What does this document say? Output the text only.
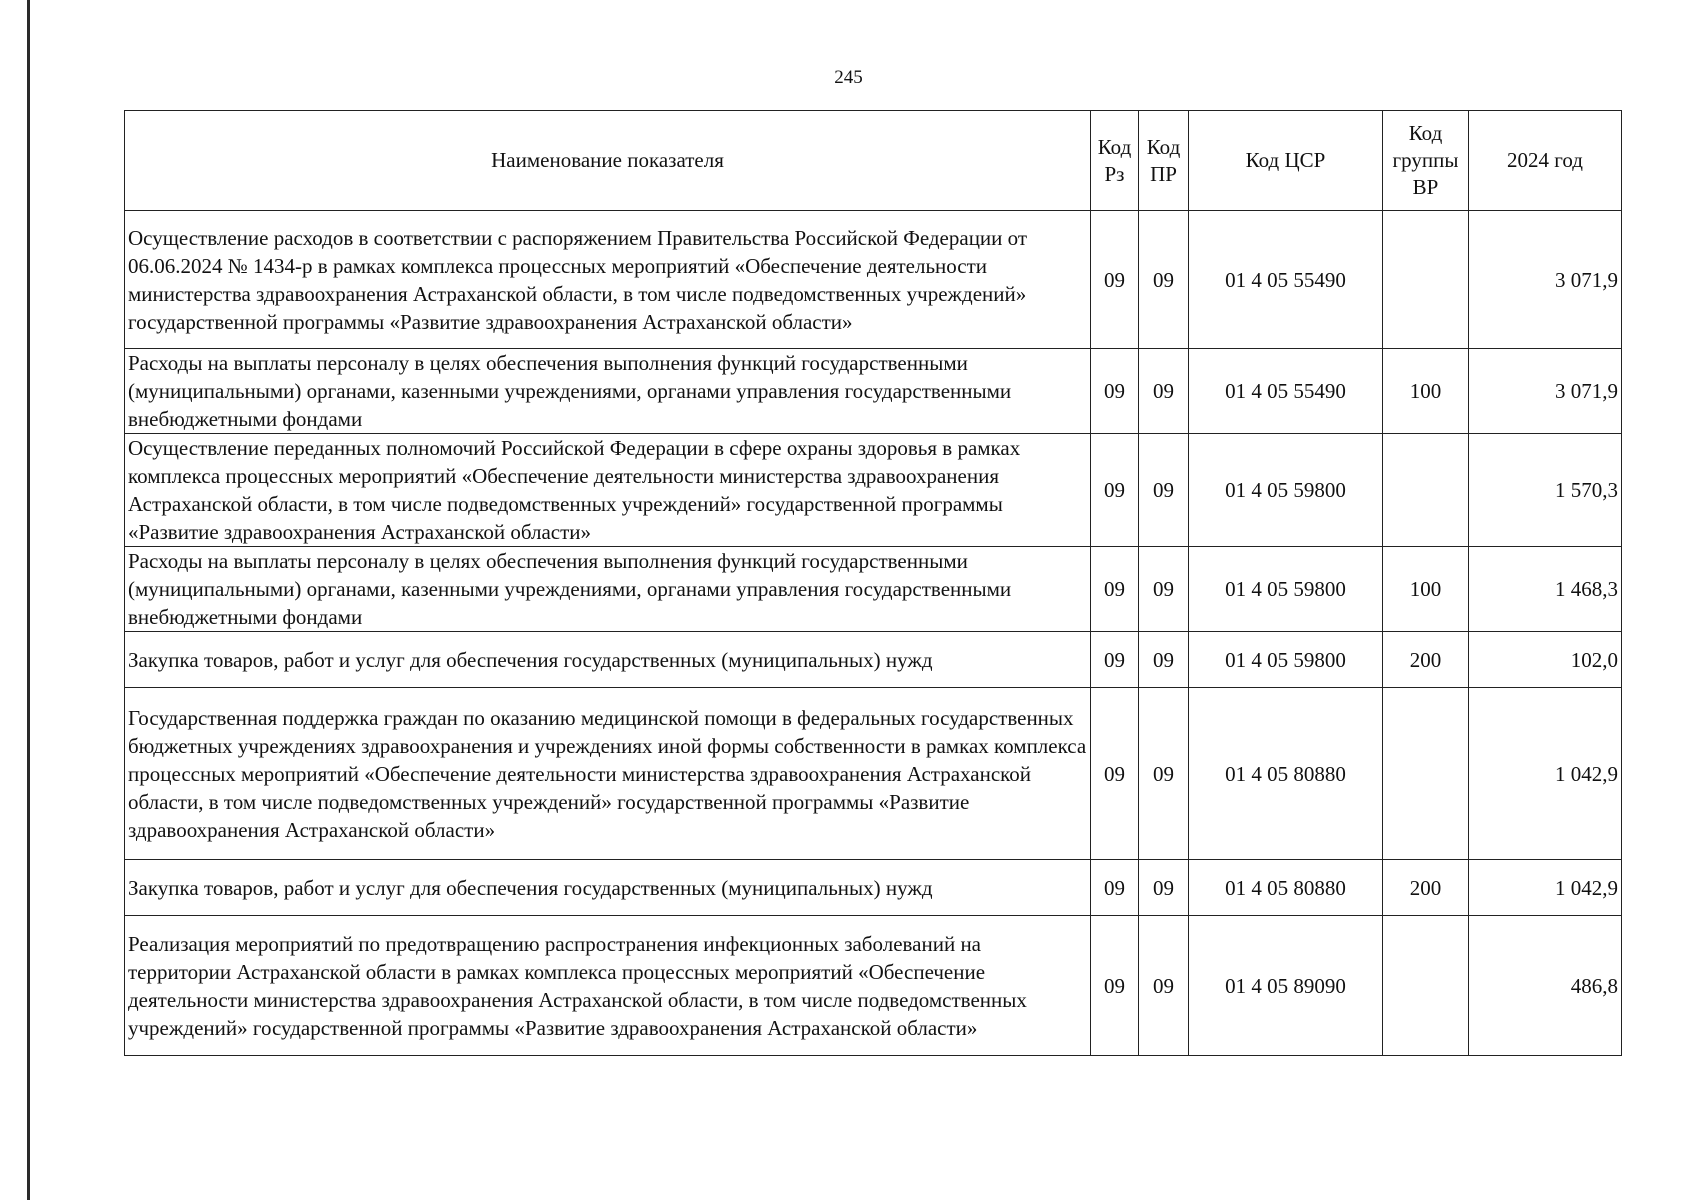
245
Наименование показателя	Код Рз	Код ПР	Код ЦСР	Код группы ВР	2024 год
Осуществление расходов в соответствии с распоряжением Правительства Российской Федерации от 06.06.2024 № 1434-р в рамках комплекса процессных мероприятий «Обеспечение деятельности министерства здравоохранения Астраханской области, в том числе подведомственных учреждений» государственной программы «Развитие здравоохранения Астраханской области»	09	09	01 4 05 55490		3 071,9
Расходы на выплаты персоналу в целях обеспечения выполнения функций государственными (муниципальными) органами, казенными учреждениями, органами управления государственными внебюджетными фондами	09	09	01 4 05 55490	100	3 071,9
Осуществление переданных полномочий Российской Федерации в сфере охраны здоровья в рамках комплекса процессных мероприятий «Обеспечение деятельности министерства здравоохранения Астраханской области, в том числе подведомственных учреждений» государственной программы «Развитие здравоохранения Астраханской области»	09	09	01 4 05 59800		1 570,3
Расходы на выплаты персоналу в целях обеспечения выполнения функций государственными (муниципальными) органами, казенными учреждениями, органами управления государственными внебюджетными фондами	09	09	01 4 05 59800	100	1 468,3
Закупка товаров, работ и услуг для обеспечения государственных (муниципальных) нужд	09	09	01 4 05 59800	200	102,0
Государственная поддержка граждан по оказанию медицинской помощи в федеральных государственных бюджетных учреждениях здравоохранения и учреждениях иной формы собственности в рамках комплекса процессных мероприятий «Обеспечение деятельности министерства здравоохранения Астраханской области, в том числе подведомственных учреждений» государственной программы «Развитие здравоохранения Астраханской области»	09	09	01 4 05 80880		1 042,9
Закупка товаров, работ и услуг для обеспечения государственных (муниципальных) нужд	09	09	01 4 05 80880	200	1 042,9
Реализация мероприятий по предотвращению распространения инфекционных заболеваний на территории Астраханской области в рамках комплекса процессных мероприятий «Обеспечение деятельности министерства здравоохранения Астраханской области, в том числе подведомственных учреждений» государственной программы «Развитие здравоохранения Астраханской области»	09	09	01 4 05 89090		486,8
